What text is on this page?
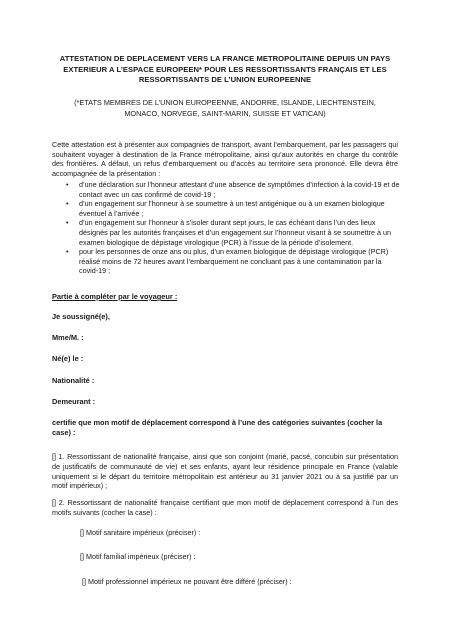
ATTESTATION DE DEPLACEMENT VERS LA FRANCE METROPOLITAINE DEPUIS UN PAYS EXTERIEUR A L’ESPACE EUROPEEN* POUR LES RESSORTISSANTS FRANÇAIS ET LES RESSORTISSANTS DE L’UNION EUROPEENNE
(*ETATS MEMBRES DE L’UNION EUROPEENNE, ANDORRE, ISLANDE, LIECHTENSTEIN, MONACO, NORVEGE, SAINT-MARIN, SUISSE ET VATICAN)
Cette attestation est à présenter aux compagnies de transport, avant l’embarquement, par les passagers qui souhaitent voyager à destination de la France métropolitaine, ainsi qu’aux autorités en charge du contrôle des frontières. A défaut, un refus d’embarquement ou d’accès au territoire sera prononcé. Elle devra être accompagnée de la présentation :
• d’une déclaration sur l’honneur attestant d’une absence de symptômes d’infection à la covid-19 et de contact avec un cas confirmé de covid-19 ;
• d’un engagement sur l’honneur à se soumettre à un test antigénique ou à un examen biologique éventuel à l’arrivée ;
• d’un engagement sur l’honneur à s’isoler durant sept jours, le cas échéant dans l’un des lieux désignés par les autorités françaises et d’un engagement sur l’honneur visant à se soumettre à un examen biologique de dépistage virologique (PCR) à l’issue de la période d’isolement.
• pour les personnes de onze ans ou plus, d’un examen biologique de dépistage virologique (PCR) réalisé moins de 72 heures avant l’embarquement ne concluant pas à une contamination par la covid-19 ;
Partie à compléter par le voyageur :
Je soussigné(e),
Mme/M. :
Né(e) le :
Nationalité :
Demeurant :
certifie que mon motif de déplacement correspond à l’une des catégories suivantes (cocher la case) :
[] 1. Ressortissant de nationalité française, ainsi que son conjoint (marié, pacsé, concubin sur présentation de justificatifs de communauté de vie) et ses enfants, ayant leur résidence principale en France (valable uniquement si le départ du territoire métropolitain est antérieur au 31 janvier 2021 ou à sa justifié par un motif impérieux) ;
[] 2. Ressortissant de nationalité française certifiant que mon motif de déplacement correspond à l’un des motifs suivants (cocher la case) :
[] Motif sanitaire impérieux (préciser) :
[] Motif familial impérieux (préciser) :
[] Motif professionnel impérieux ne pouvant être différé (préciser) :
